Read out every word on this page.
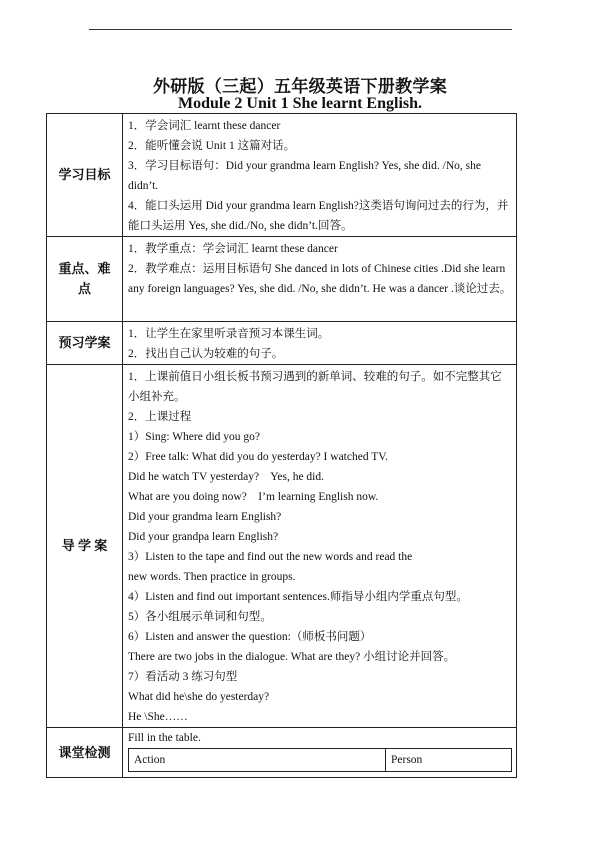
外研版（三起）五年级英语下册教学案
Module 2 Unit 1 She learnt English.
学习目标	
1．学会词汇 learnt these dancer
2．能听懂会说 Unit 1 这篇对话。
3．学习目标语句：Did your grandma learn English? Yes, she did. /No, she didn’t.
4．能口头运用 Did your grandma learn English?这类语句询问过去的行为，并能口头运用 Yes, she did./No, she didn’t.回答。

重点、难点	
1．教学重点：学会词汇 learnt these dancer
2．教学难点：运用目标语句 She danced in lots of Chinese cities .Did she learn any foreign languages? Yes, she did. /No, she didn’t. He was a dancer .谈论过去。

预习学案	
1．让学生在家里听录音预习本课生词。
2．找出自己认为较难的句子。

导 学 案	
1．上课前值日小组长板书预习遇到的新单词、较难的句子。如不完整其它小组补充。
2．上课过程
1）Sing: Where did you go?
2）Free talk: What did you do yesterday? I watched TV.
Did he watch TV yesterday?    Yes, he did.
What are you doing now?    I’m learning English now.
Did your grandma learn English?
Did your grandpa learn English?
3）Listen to the tape and find out the new words and read the new words. Then practice in groups.
4）Listen and find out important sentences.师指导小组内学重点句型。
5）各小组展示单词和句型。
6）Listen and answer the question:（师板书问题）
There are two jobs in the dialogue. What are they? 小组讨论并回答。
7）看活动 3 练习句型
What did he\she do yesterday?
He \She……

课堂检测	
Fill in the table.
Action	Person
